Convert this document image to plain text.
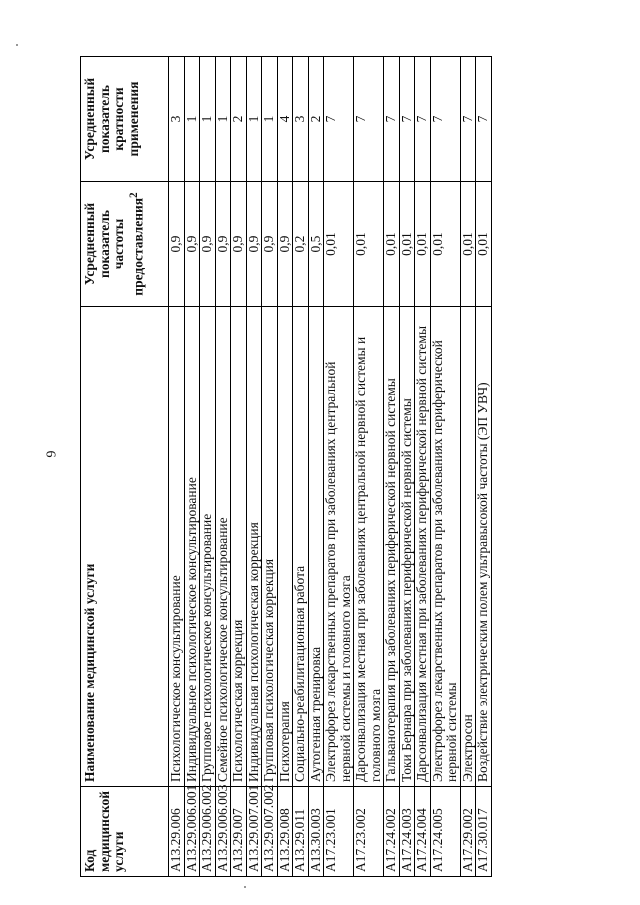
6
Код медицинской услуги	Наименование медицинской услуги	Усредненный показатель частоты предоставления$^2$	Усредненный показатель кратности применения
A13.29.006	Психологическое консультирование	0,9	3
A13.29.006.001	Индивидуальное психологическое консультирование	0,9	1
A13.29.006.002	Групповое психологическое консультирование	0,9	1
A13.29.006.003	Семейное психологическое консультирование	0,9	1
A13.29.007	Психологическая коррекция	0,9	2
A13.29.007.001	Индивидуальная психологическая коррекция	0,9	1
A13.29.007.002	Групповая психологическая коррекция	0,9	1
A13.29.008	Психотерапия	0,9	4
A13.29.011	Социально-реабилитационная работа	0,2	3
A13.30.003	Аутогенная тренировка	0,5	2
A17.23.001	Электрофорез лекарственных препаратов при заболеваниях центральной нервной системы и головного мозга	0,01	7
A17.23.002	Дарсонвализация местная при заболеваниях центральной нервной системы и головного мозга	0,01	7
A17.24.002	Гальванотерапия при заболеваниях периферической нервной системы	0,01	7
A17.24.003	Токи Бернара при заболеваниях периферической нервной системы	0,01	7
A17.24.004	Дарсонвализация местная при заболеваниях периферической нервной системы	0,01	7
A17.24.005	Электрофорез лекарственных препаратов при заболеваниях периферической нервной системы	0,01	7
A17.29.002	Электросон	0,01	7
A17.30.017	Воздействие электрическим полем ультравысокой частоты (ЭП УВЧ)	0,01	7
